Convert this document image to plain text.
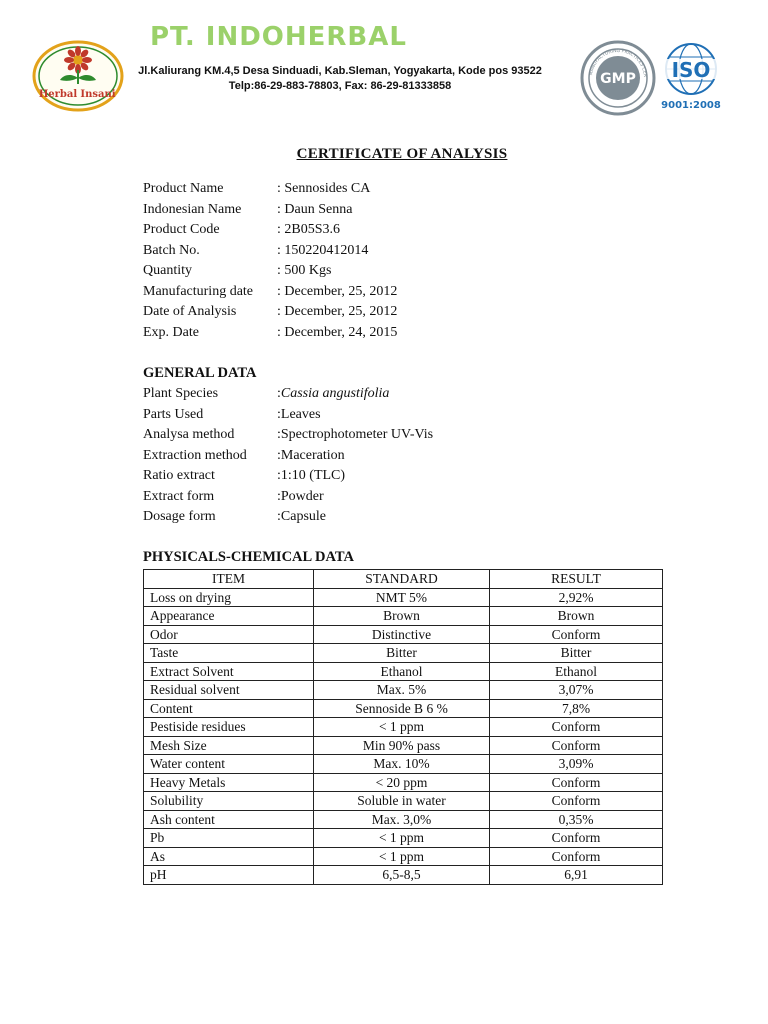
Herbal Insani
PT. INDOHERBAL
Jl.Kaliurang KM.4,5 Desa Sinduadi, Kab.Sleman, Yogyakarta, Kode pos 93522
Telp:86-29-883-78803, Fax: 86-29-81333858
MANUFACTURING PRACTICES CER
GMP ISO
9001:2008
CERTIFICATE OF ANALYSIS
Product Name	: Sennosides CA
Indonesian Name	: Daun Senna
Product Code	: 2B05S3.6
Batch No.	: 150220412014
Quantity	: 500 Kgs
Manufacturing date : December, 25, 2012
Date of Analysis	: December, 25, 2012
Exp. Date	: December, 24, 2015
GENERAL DATA
Plant Species	:Cassia angustifolia
Parts Used	:Leaves
Analysa method	:Spectrophotometer UV-Vis
Extraction method :Maceration
Ratio extract	:1:10 (TLC)
Extract form	:Powder
Dosage form	:Capsule
PHYSICALS-CHEMICAL DATA
ITEM	STANDARD	RESULT
Loss on drying	NMT 5%	2,92%
Appearance	Brown	Brown
Odor	Distinctive	Conform
Taste	Bitter	Bitter
Extract Solvent	Ethanol	Ethanol
Residual solvent	Max. 5%	3,07%
Content	Sennoside B 6 %	7,8%
Pestiside residues	< 1 ppm	Conform
Mesh Size	Min 90% pass	Conform
Water content	Max. 10%	3,09%
Heavy Metals	< 20 ppm	Conform
Solubility	Soluble in water	Conform
Ash content	Max. 3,0%	0,35%
Pb	< 1 ppm	Conform
As	< 1 ppm	Conform
pH	6,5-8,5	6,91
